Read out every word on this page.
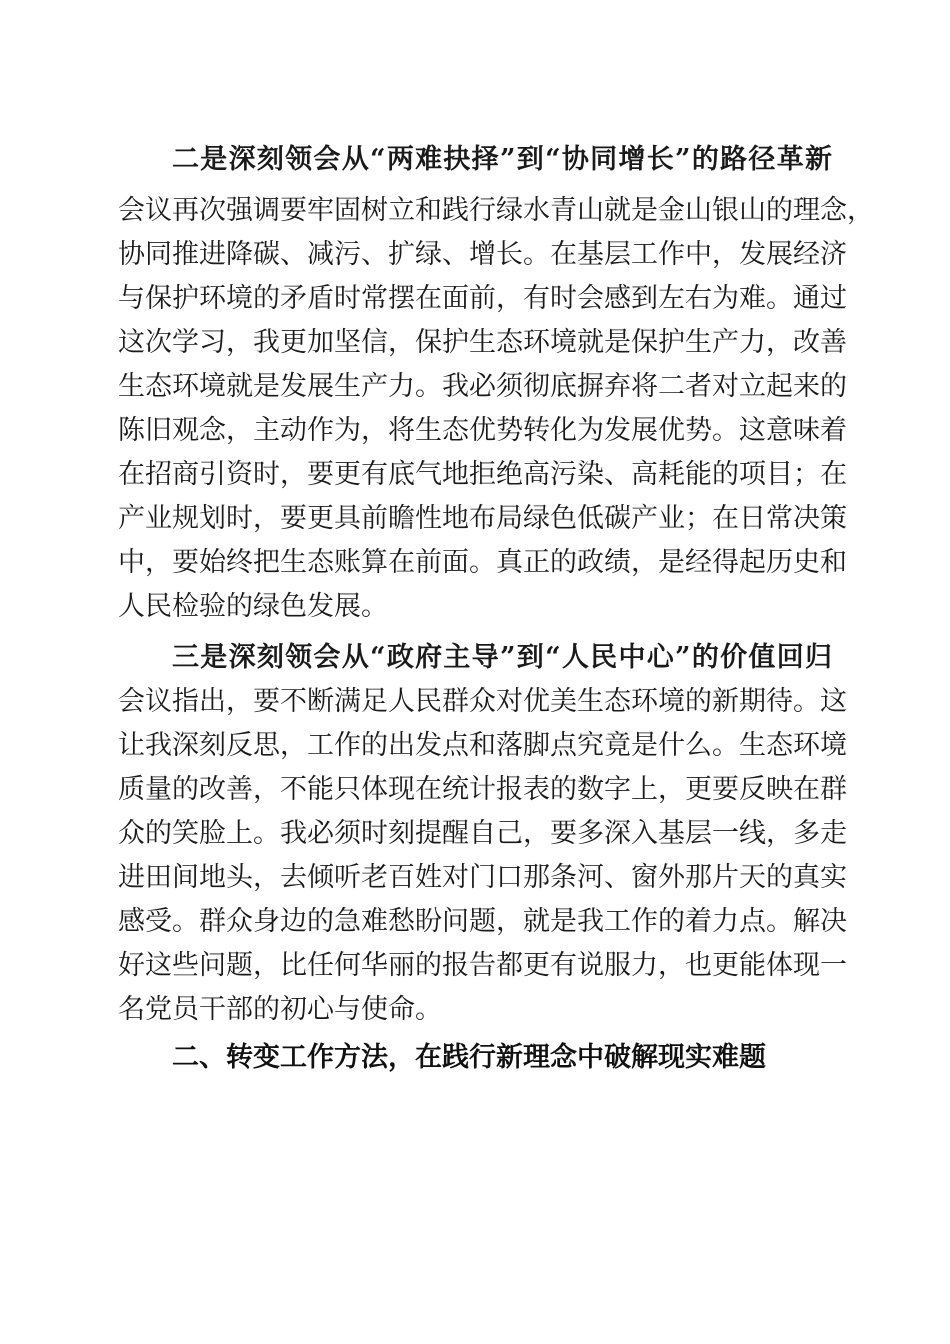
二是深刻领会从“两难抉择”到“协同增长”的路径革新
会议再次强调要牢固树立和践行绿水青山就是金山银山的理念，
协同推进降碳、减污、扩绿、增长。在基层工作中，发展经济
与保护环境的矛盾时常摆在面前，有时会感到左右为难。通过
这次学习，我更加坚信，保护生态环境就是保护生产力，改善
生态环境就是发展生产力。我必须彻底摒弃将二者对立起来的
陈旧观念，主动作为，将生态优势转化为发展优势。这意味着
在招商引资时，要更有底气地拒绝高污染、高耗能的项目；在
产业规划时，要更具前瞻性地布局绿色低碳产业；在日常决策
中，要始终把生态账算在前面。真正的政绩，是经得起历史和
人民检验的绿色发展。
三是深刻领会从“政府主导”到“人民中心”的价值回归
会议指出，要不断满足人民群众对优美生态环境的新期待。这
让我深刻反思，工作的出发点和落脚点究竟是什么。生态环境
质量的改善，不能只体现在统计报表的数字上，更要反映在群
众的笑脸上。我必须时刻提醒自己，要多深入基层一线，多走
进田间地头，去倾听老百姓对门口那条河、窗外那片天的真实
感受。群众身边的急难愁盼问题，就是我工作的着力点。解决
好这些问题，比任何华丽的报告都更有说服力，也更能体现一
名党员干部的初心与使命。
二、转变工作方法，在践行新理念中破解现实难题
